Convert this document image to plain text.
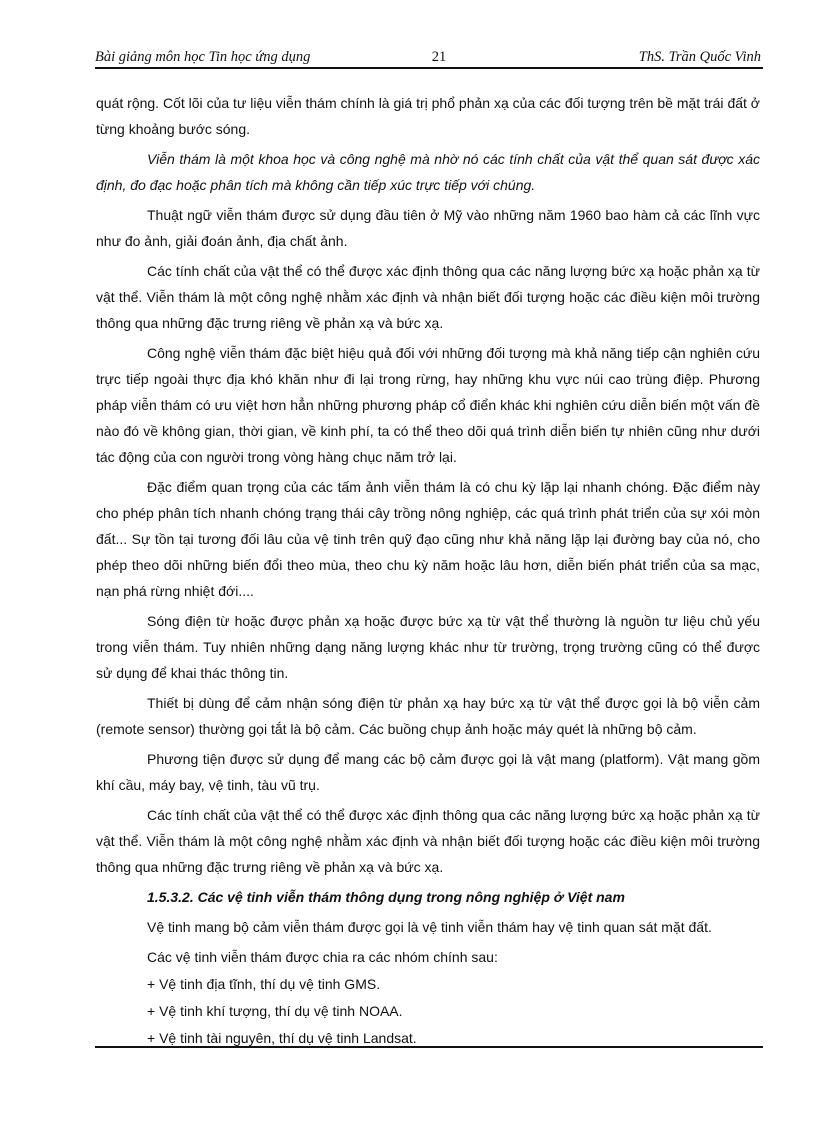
Bài giảng môn học Tin học ứng dụng	21	ThS. Trần Quốc Vinh

quát rộng. Cốt lõi của tư liệu viễn thám chính là giá trị phổ phản xạ của các đối tượng trên bề mặt trái đất ở từng khoảng bước sóng.

Viễn thám là một khoa học và công nghệ mà nhờ nó các tính chất của vật thể quan sát được xác định, đo đạc hoặc phân tích mà không cần tiếp xúc trực tiếp với chúng.

Thuật ngữ viễn thám được sử dụng đầu tiên ở Mỹ vào những năm 1960 bao hàm cả các lĩnh vực như đo ảnh, giải đoán ảnh, địa chất ảnh.

Các tính chất của vật thể có thể được xác định thông qua các năng lượng bức xạ hoặc phản xạ từ vật thể. Viễn thám là một công nghệ nhằm xác định và nhận biết đối tượng hoặc các điều kiện môi trường thông qua những đặc trưng riêng về phản xạ và bức xạ.

Công nghệ viễn thám đặc biệt hiệu quả đối với những đối tượng mà khả năng tiếp cận nghiên cứu trực tiếp ngoài thực địa khó khăn như đi lại trong rừng, hay những khu vực núi cao trùng điệp. Phương pháp viễn thám có ưu việt hơn hẳn những phương pháp cổ điển khác khi nghiên cứu diễn biến một vấn đề nào đó về không gian, thời gian, về kinh phí, ta có thể theo dõi quá trình diễn biến tự nhiên cũng như dưới tác động của con người trong vòng hàng chục năm trở lại.

Đặc điểm quan trọng của các tấm ảnh viễn thám là có chu kỳ lặp lại nhanh chóng. Đặc điểm này cho phép phân tích nhanh chóng trạng thái cây trồng nông nghiệp, các quá trình phát triển của sự xói mòn đất... Sự tồn tại tương đối lâu của vệ tinh trên quỹ đạo cũng như khả năng lặp lại đường bay của nó, cho phép theo dõi những biến đổi theo mùa, theo chu kỳ năm hoặc lâu hơn, diễn biến phát triển của sa mạc, nạn phá rừng nhiệt đới....

Sóng điện từ hoặc được phản xạ hoặc được bức xạ từ vật thể thường là nguồn tư liệu chủ yếu trong viễn thám. Tuy nhiên những dạng năng lượng khác như từ trường, trọng trường cũng có thể được sử dụng để khai thác thông tin.

Thiết bị dùng để cảm nhận sóng điện từ phản xạ hay bức xạ từ vật thể được gọi là bộ viễn cảm (remote sensor) thường gọi tắt là bộ cảm. Các buồng chụp ảnh hoặc máy quét là những bộ cảm.

Phương tiện được sử dụng để mang các bộ cảm được gọi là vật mang (platform). Vật mang gồm khí cầu, máy bay, vệ tinh, tàu vũ trụ.

Các tính chất của vật thể có thể được xác định thông qua các năng lượng bức xạ hoặc phản xạ từ vật thể. Viễn thám là một công nghệ nhằm xác định và nhận biết đối tượng hoặc các điều kiện môi trường thông qua những đặc trưng riêng về phản xạ và bức xạ.

1.5.3.2. Các vệ tinh viễn thám thông dụng trong nông nghiệp ở Việt nam

Vệ tinh mang bộ cảm viễn thám được gọi là vệ tinh viễn thám hay vệ tinh quan sát mặt đất.

Các vệ tinh viễn thám được chia ra các nhóm chính sau:

+ Vệ tinh địa tĩnh, thí dụ vệ tinh GMS.

+ Vệ tinh khí tượng, thí dụ vệ tinh NOAA.

+ Vệ tinh tài nguyên, thí dụ vệ tinh Landsat.
